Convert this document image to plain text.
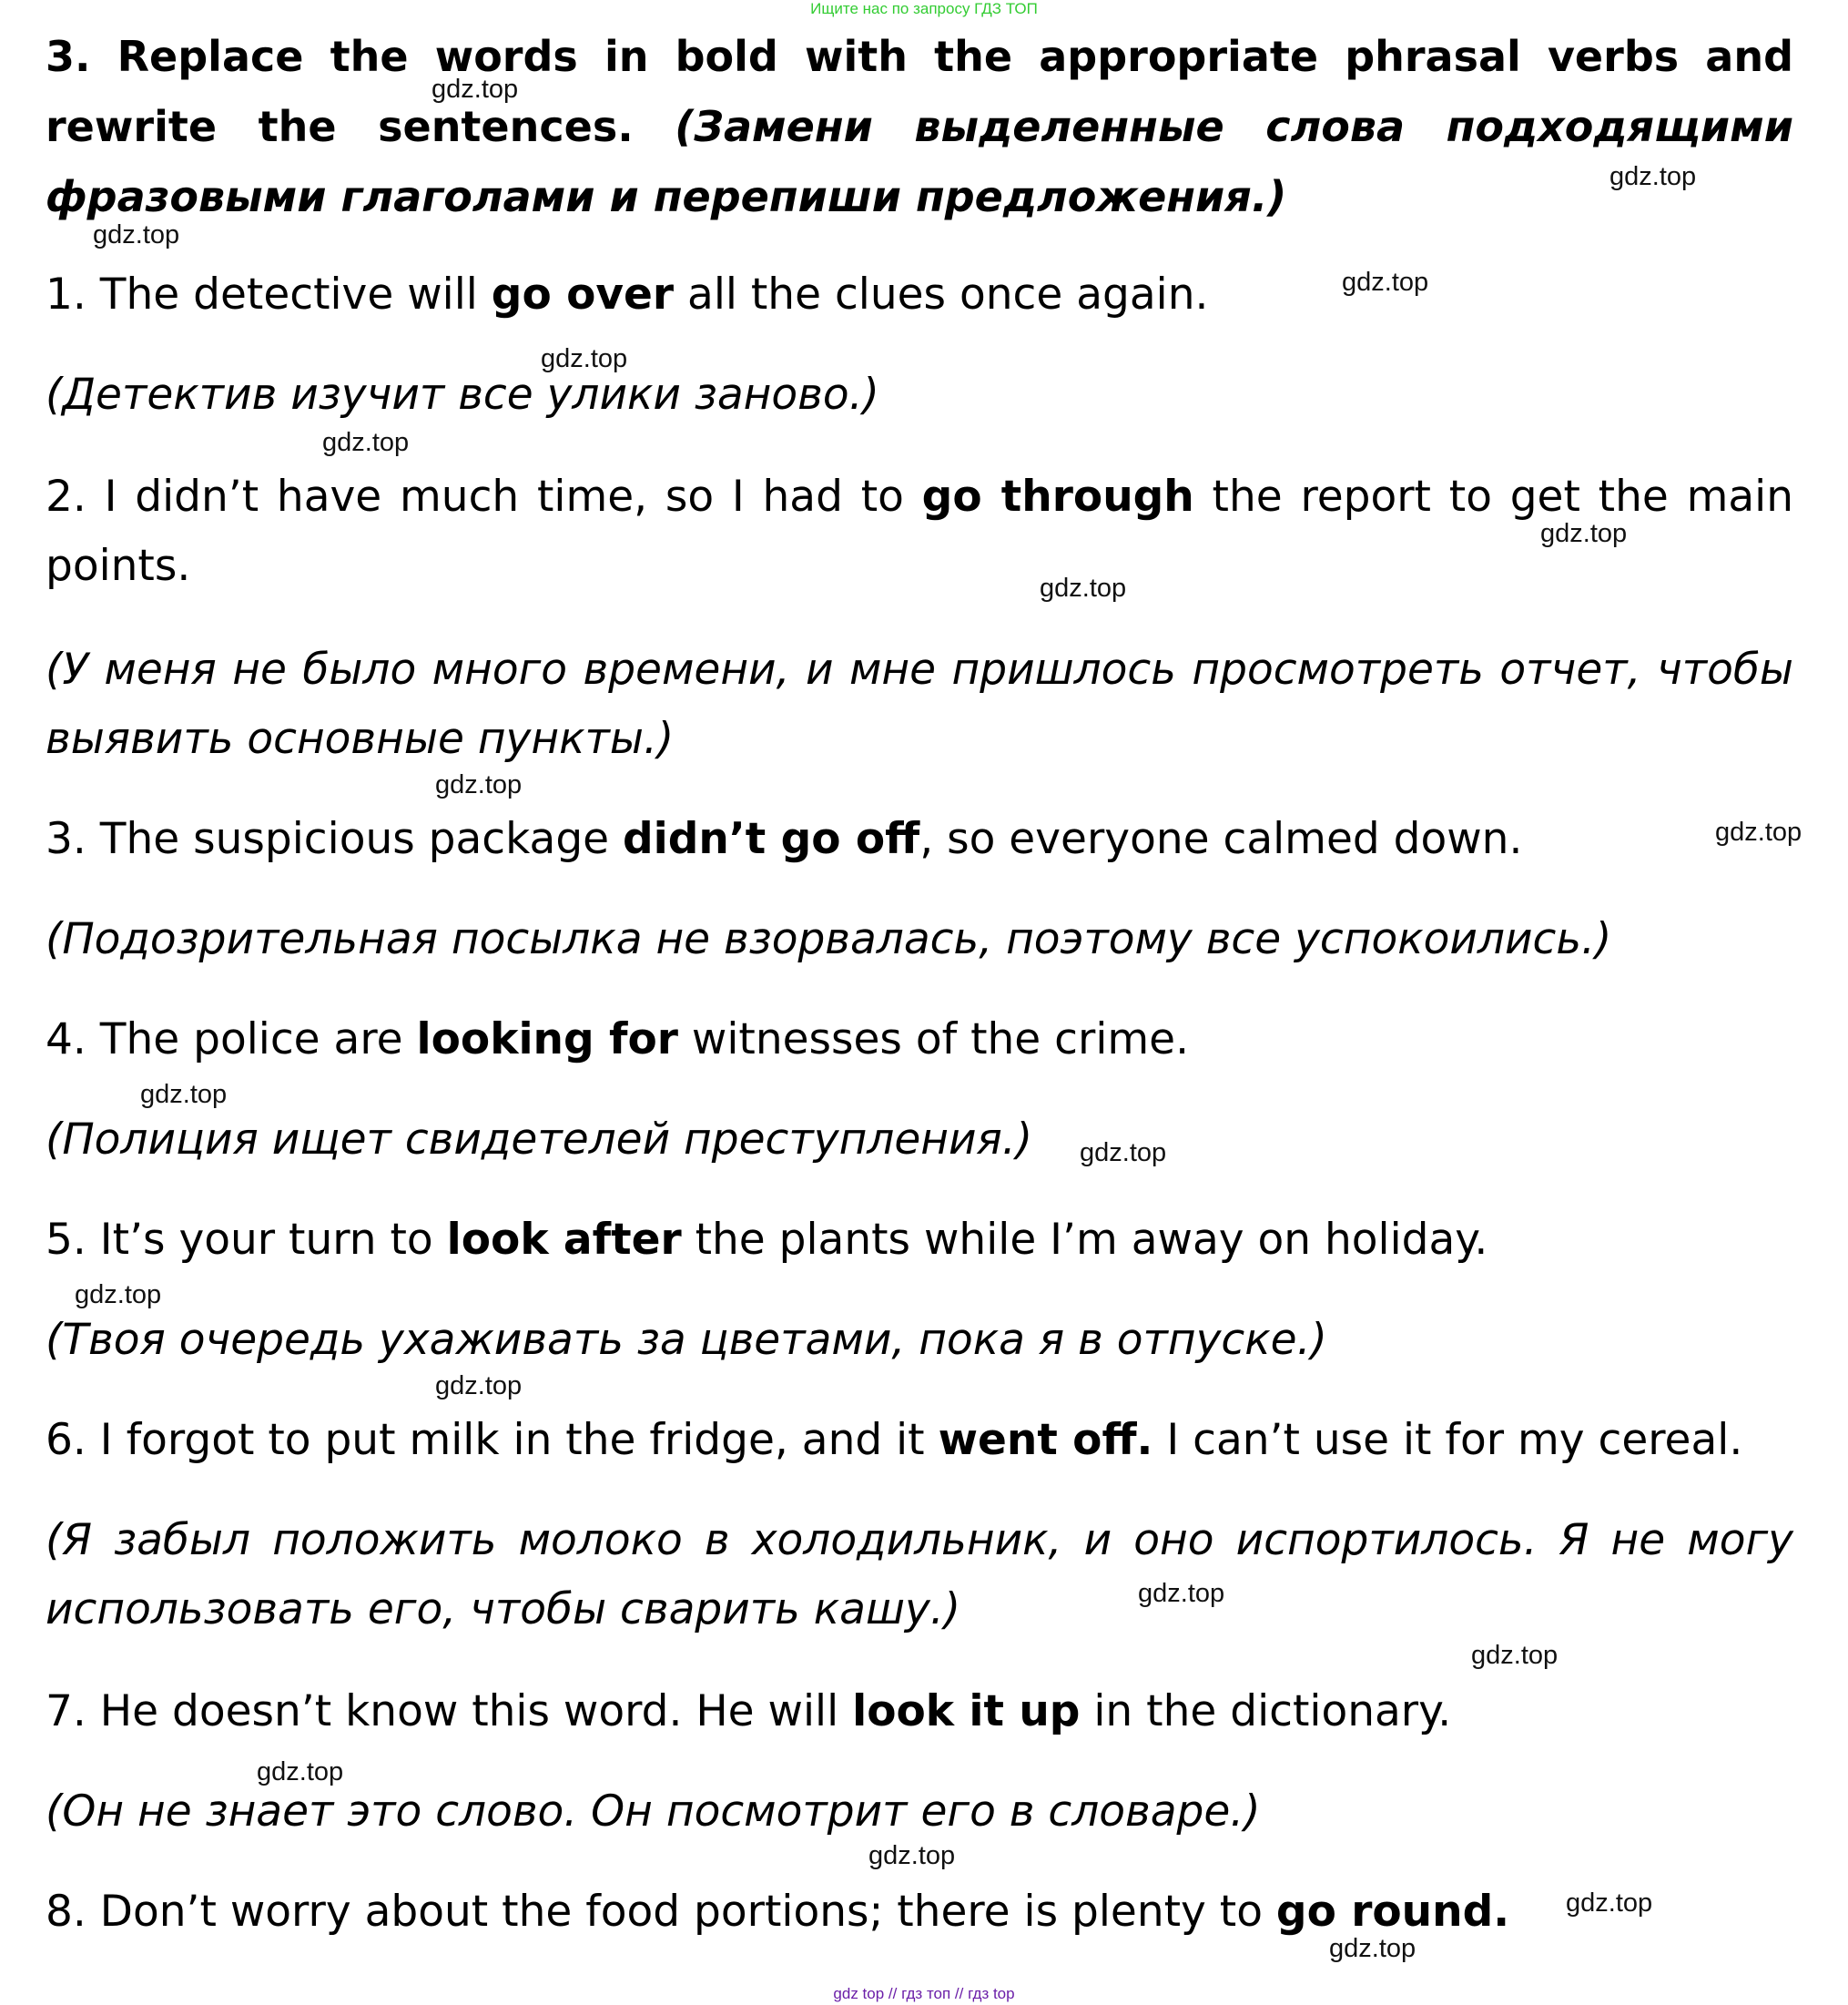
Ищите нас по запросу ГДЗ ТОП

3. Replace the words in bold with the appropriate phrasal verbs and rewrite the sentences. (Замени выделенные слова подходящими фразовыми глаголами и перепиши предложения.)

1. The detective will go over all the clues once again.
(Детектив изучит все улики заново.)
2. I didn’t have much time, so I had to go through the report to get the main points.
(У меня не было много времени, и мне пришлось просмотреть отчет, чтобы выявить основные пункты.)
3. The suspicious package didn’t go off, so everyone calmed down.
(Подозрительная посылка не взорвалась, поэтому все успокоились.)
4. The police are looking for witnesses of the crime.
(Полиция ищет свидетелей преступления.)
5. It’s your turn to look after the plants while I’m away on holiday.
(Твоя очередь ухаживать за цветами, пока я в отпуске.)
6. I forgot to put milk in the fridge, and it went off. I can’t use it for my cereal.
(Я забыл положить молоко в холодильник, и оно испортилось. Я не могу использовать его, чтобы сварить кашу.)
7. He doesn’t know this word. He will look it up in the dictionary.
(Он не знает это слово. Он посмотрит его в словаре.)
8. Don’t worry about the food portions; there is plenty to go round.
gdz.top
gdz.top
gdz.top
gdz.top
gdz.top
gdz.top
gdz.top
gdz.top
gdz.top
gdz.top
gdz.top
gdz.top
gdz.top
gdz.top
gdz.top
gdz.top
gdz.top
gdz.top
gdz.top
gdz.top
gdz top // гдз топ // гдз top
